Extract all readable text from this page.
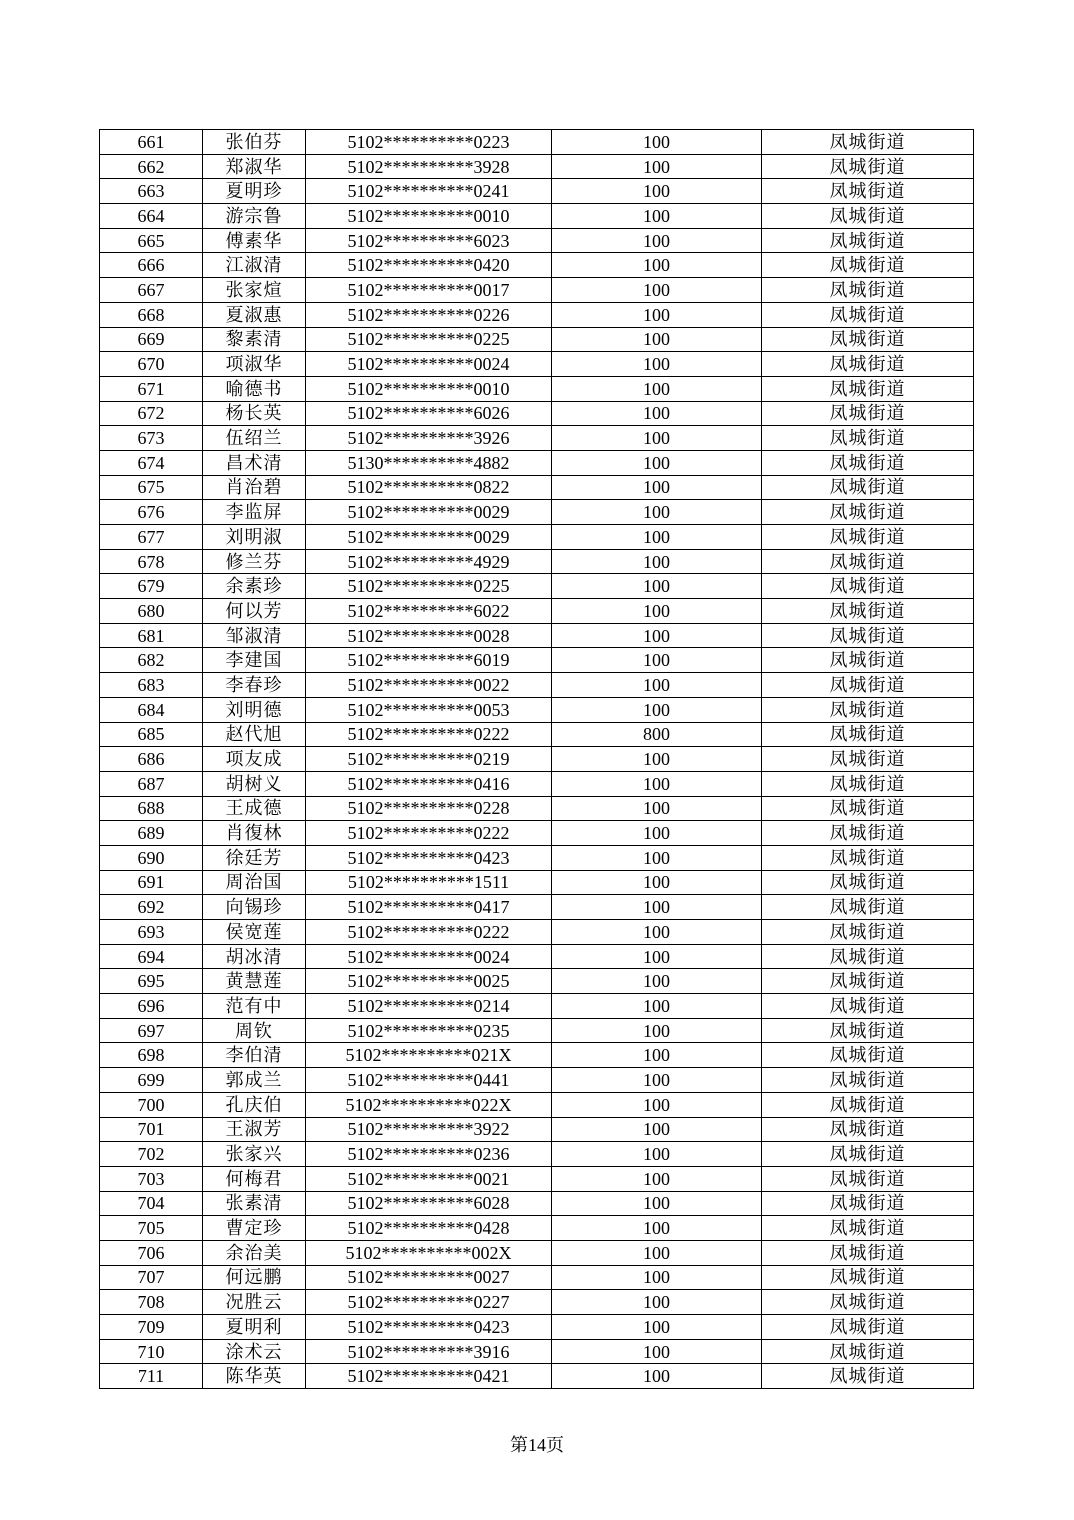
661	张伯芬	5102**********0223	100	凤城街道
662	郑淑华	5102**********3928	100	凤城街道
663	夏明珍	5102**********0241	100	凤城街道
664	游宗鲁	5102**********0010	100	凤城街道
665	傅素华	5102**********6023	100	凤城街道
666	江淑清	5102**********0420	100	凤城街道
667	张家煊	5102**********0017	100	凤城街道
668	夏淑惠	5102**********0226	100	凤城街道
669	黎素清	5102**********0225	100	凤城街道
670	项淑华	5102**********0024	100	凤城街道
671	喻德书	5102**********0010	100	凤城街道
672	杨长英	5102**********6026	100	凤城街道
673	伍绍兰	5102**********3926	100	凤城街道
674	昌术清	5130**********4882	100	凤城街道
675	肖治碧	5102**********0822	100	凤城街道
676	李监屏	5102**********0029	100	凤城街道
677	刘明淑	5102**********0029	100	凤城街道
678	修兰芬	5102**********4929	100	凤城街道
679	余素珍	5102**********0225	100	凤城街道
680	何以芳	5102**********6022	100	凤城街道
681	邹淑清	5102**********0028	100	凤城街道
682	李建国	5102**********6019	100	凤城街道
683	李春珍	5102**********0022	100	凤城街道
684	刘明德	5102**********0053	100	凤城街道
685	赵代旭	5102**********0222	800	凤城街道
686	项友成	5102**********0219	100	凤城街道
687	胡树义	5102**********0416	100	凤城街道
688	王成德	5102**********0228	100	凤城街道
689	肖復林	5102**********0222	100	凤城街道
690	徐廷芳	5102**********0423	100	凤城街道
691	周治国	5102**********1511	100	凤城街道
692	向锡珍	5102**********0417	100	凤城街道
693	侯宽莲	5102**********0222	100	凤城街道
694	胡冰清	5102**********0024	100	凤城街道
695	黄慧莲	5102**********0025	100	凤城街道
696	范有中	5102**********0214	100	凤城街道
697	周钦	5102**********0235	100	凤城街道
698	李伯清	5102**********021X	100	凤城街道
699	郭成兰	5102**********0441	100	凤城街道
700	孔庆伯	5102**********022X	100	凤城街道
701	王淑芳	5102**********3922	100	凤城街道
702	张家兴	5102**********0236	100	凤城街道
703	何梅君	5102**********0021	100	凤城街道
704	张素清	5102**********6028	100	凤城街道
705	曹定珍	5102**********0428	100	凤城街道
706	余治美	5102**********002X	100	凤城街道
707	何远鹏	5102**********0027	100	凤城街道
708	况胜云	5102**********0227	100	凤城街道
709	夏明利	5102**********0423	100	凤城街道
710	涂术云	5102**********3916	100	凤城街道
711	陈华英	5102**********0421	100	凤城街道
第14页
